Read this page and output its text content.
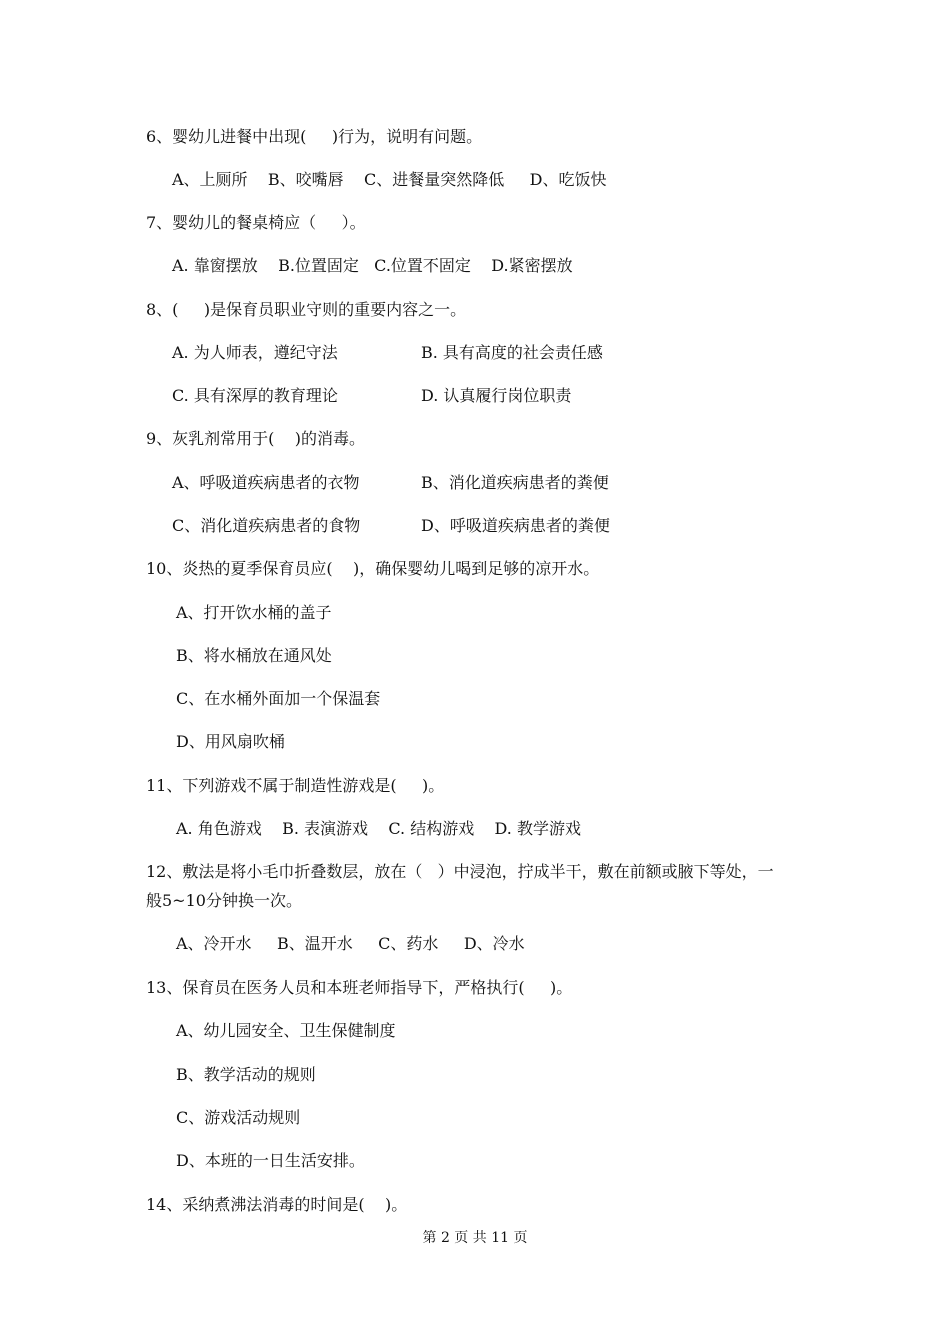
6、婴幼儿进餐中出现(     )行为，说明有问题。
A、上厕所    B、咬嘴唇    C、进餐量突然降低     D、吃饭快
7、婴幼儿的餐桌椅应（     ）。
A. 靠窗摆放    B.位置固定   C.位置不固定    D.紧密摆放
8、(     )是保育员职业守则的重要内容之一。
A. 为人师表，遵纪守法	B. 具有高度的社会责任感
C. 具有深厚的教育理论	D. 认真履行岗位职责
9、灰乳剂常用于(    )的消毒。
A、呼吸道疾病患者的衣物	B、消化道疾病患者的粪便
C、消化道疾病患者的食物	D、呼吸道疾病患者的粪便
10、炎热的夏季保育员应(    )，确保婴幼儿喝到足够的凉开水。
A、打开饮水桶的盖子
B、将水桶放在通风处
C、在水桶外面加一个保温套
D、用风扇吹桶
11、下列游戏不属于制造性游戏是(     )。
A. 角色游戏    B. 表演游戏    C. 结构游戏    D. 教学游戏
12、敷法是将小毛巾折叠数层，放在（   ）中浸泡，拧成半干，敷在前额或腋下等处，一
般5~10分钟换一次。
A、冷开水     B、温开水     C、药水     D、冷水
13、保育员在医务人员和本班老师指导下，严格执行(     )。
A、幼儿园安全、卫生保健制度
B、教学活动的规则
C、游戏活动规则
D、本班的一日生活安排。
14、采纳煮沸法消毒的时间是(    )。
第 2 页 共 11 页
